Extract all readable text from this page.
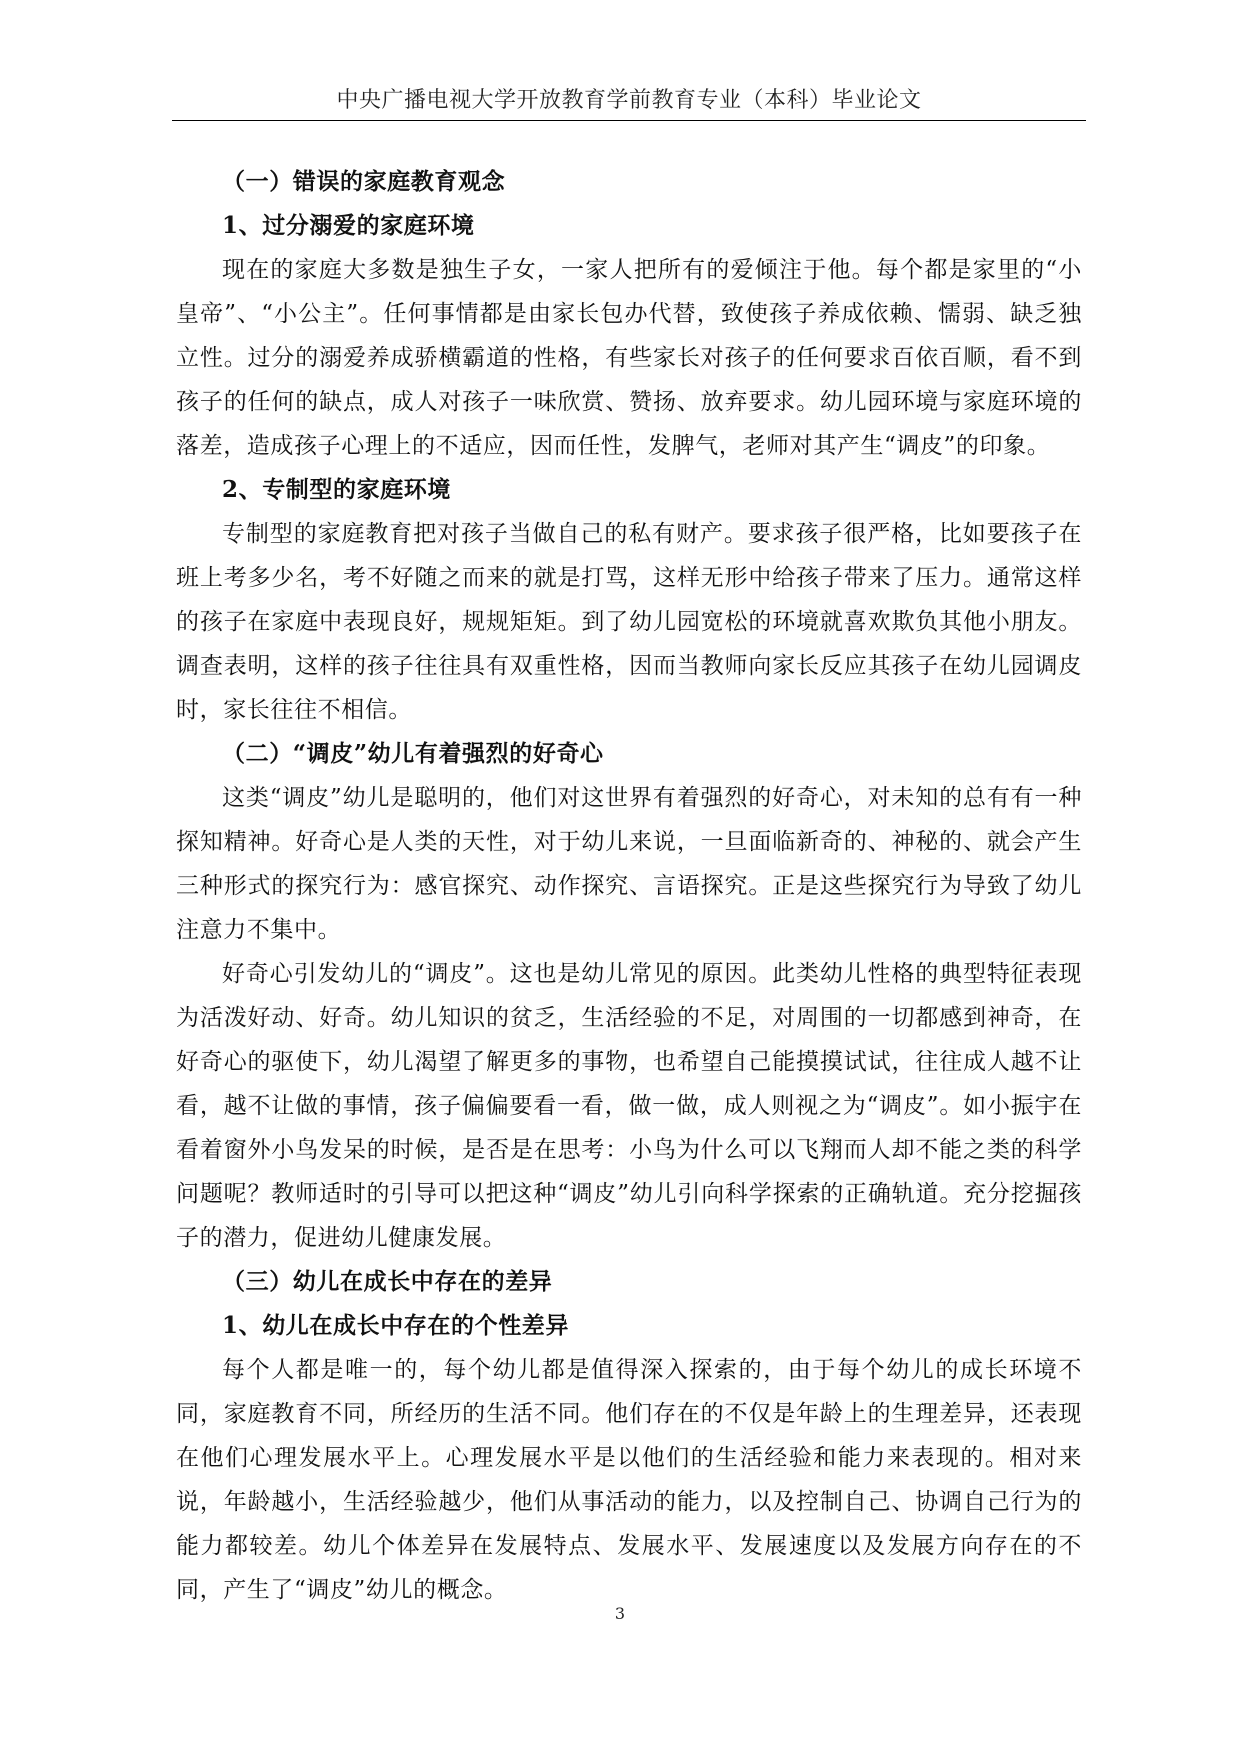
中央广播电视大学开放教育学前教育专业（本科）毕业论文
（一）错误的家庭教育观念
1、过分溺爱的家庭环境

现在的家庭大多数是独生子女，一家人把所有的爱倾注于他。每个都是家里的“小皇帝”、“小公主”。任何事情都是由家长包办代替，致使孩子养成依赖、懦弱、缺乏独立性。过分的溺爱养成骄横霸道的性格，有些家长对孩子的任何要求百依百顺，看不到孩子的任何的缺点，成人对孩子一味欣赏、赞扬、放弃要求。幼儿园环境与家庭环境的落差，造成孩子心理上的不适应，因而任性，发脾气，老师对其产生“调皮”的印象。

2、专制型的家庭环境

专制型的家庭教育把对孩子当做自己的私有财产。要求孩子很严格，比如要孩子在班上考多少名，考不好随之而来的就是打骂，这样无形中给孩子带来了压力。通常这样的孩子在家庭中表现良好，规规矩矩。到了幼儿园宽松的环境就喜欢欺负其他小朋友。调查表明，这样的孩子往往具有双重性格，因而当教师向家长反应其孩子在幼儿园调皮时，家长往往不相信。

（二）“调皮”幼儿有着强烈的好奇心

这类“调皮”幼儿是聪明的，他们对这世界有着强烈的好奇心，对未知的总有有一种探知精神。好奇心是人类的天性，对于幼儿来说，一旦面临新奇的、神秘的、就会产生三种形式的探究行为：感官探究、动作探究、言语探究。正是这些探究行为导致了幼儿注意力不集中。

好奇心引发幼儿的“调皮”。这也是幼儿常见的原因。此类幼儿性格的典型特征表现为活泼好动、好奇。幼儿知识的贫乏，生活经验的不足，对周围的一切都感到神奇，在好奇心的驱使下，幼儿渴望了解更多的事物，也希望自己能摸摸试试，往往成人越不让看，越不让做的事情，孩子偏偏要看一看，做一做，成人则视之为“调皮”。如小振宇在看着窗外小鸟发呆的时候，是否是在思考：小鸟为什么可以飞翔而人却不能之类的科学问题呢？教师适时的引导可以把这种“调皮”幼儿引向科学探索的正确轨道。充分挖掘孩子的潜力，促进幼儿健康发展。

（三）幼儿在成长中存在的差异
1、幼儿在成长中存在的个性差异

每个人都是唯一的，每个幼儿都是值得深入探索的，由于每个幼儿的成长环境不同，家庭教育不同，所经历的生活不同。他们存在的不仅是年龄上的生理差异，还表现在他们心理发展水平上。心理发展水平是以他们的生活经验和能力来表现的。相对来说，年龄越小，生活经验越少，他们从事活动的能力，以及控制自己、协调自己行为的能力都较差。幼儿个体差异在发展特点、发展水平、发展速度以及发展方向存在的不同，产生了“调皮”幼儿的概念。

3
